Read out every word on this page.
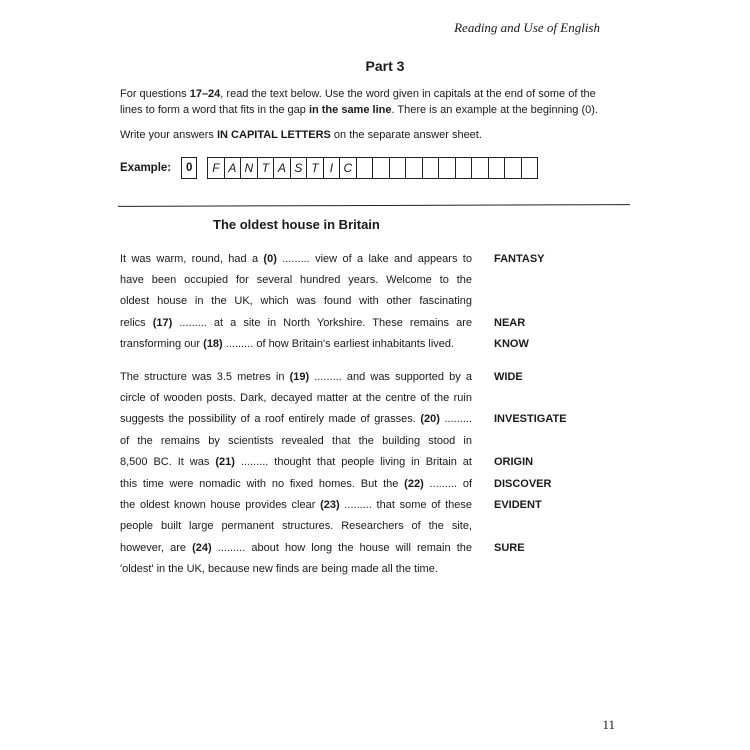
Reading and Use of English
Part 3

For questions 17–24, read the text below. Use the word given in capitals at the end of some of the lines to form a word that fits in the gap in the same line. There is an example at the beginning (0).

Write your answers IN CAPITAL LETTERS on the separate answer sheet.

Example:	0	F A N T A S T I C
The oldest house in Britain
It was warm, round, had a (0) ......... view of a lake and appears to FANTASY
have been occupied for several hundred years. Welcome to the
oldest house in the UK, which was found with other fascinating
relics (17) ......... at a site in North Yorkshire. These remains are NEAR
transforming our (18) ......... of how Britain's earliest inhabitants lived.	KNOW
The structure was 3.5 metres in (19) ......... and was supported by a WIDE
circle of wooden posts. Dark, decayed matter at the centre of the ruin
suggests the possibility of a roof entirely made of grasses. (20) ......... INVESTIGATE
of the remains by scientists revealed that the building stood in
8,500 BC. It was (21) ......... thought that people living in Britain at ORIGIN
this time were nomadic with no fixed homes. But the (22) ......... of DISCOVER
the oldest known house provides clear (23) ......... that some of these EVIDENT
people built large permanent structures. Researchers of the site,
however, are (24) ......... about how long the house will remain the SURE
'oldest' in the UK, because new finds are being made all the time.
11
